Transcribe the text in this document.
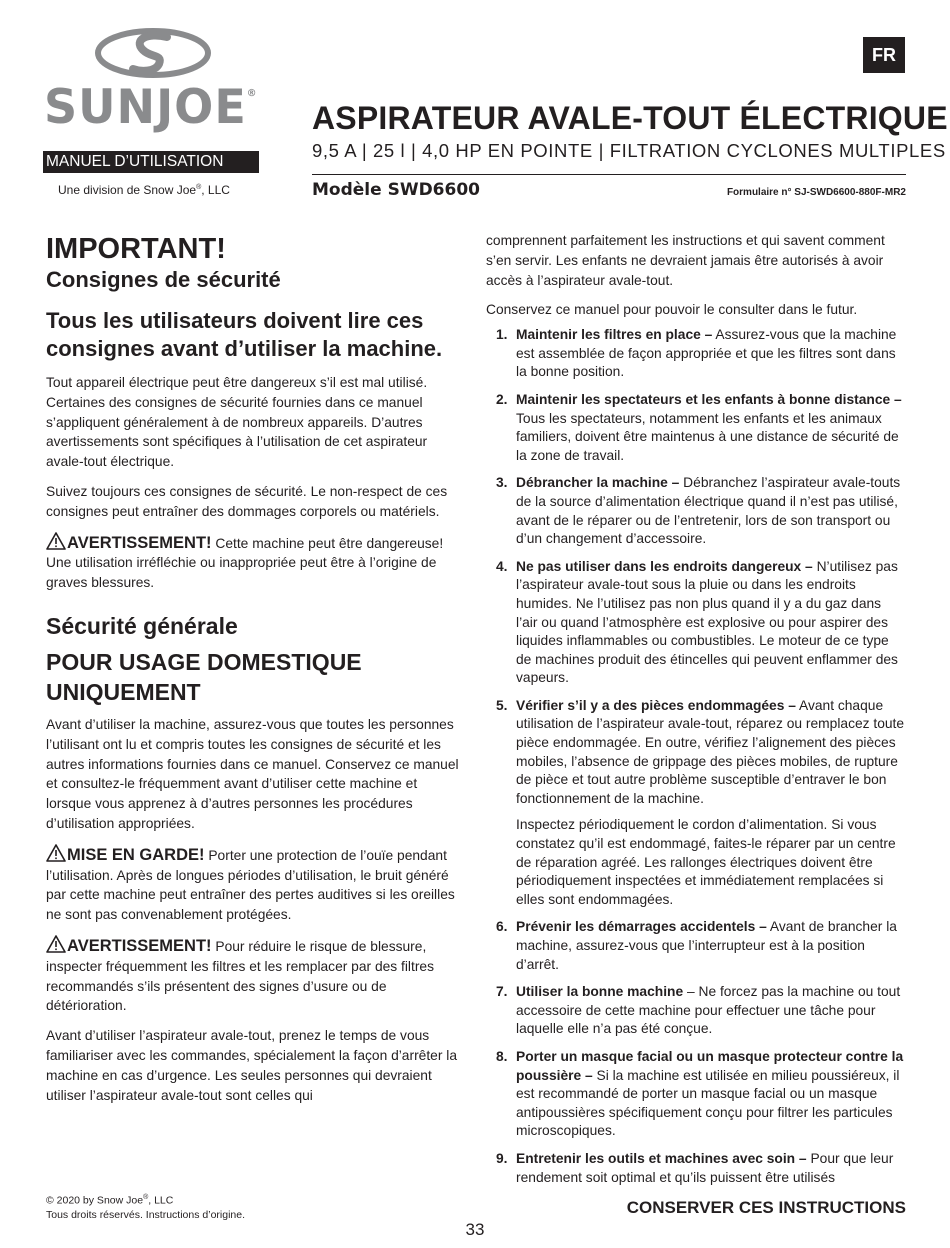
SUNJOE®
MANUEL D’UTILISATION
Une division de Snow Joe®, LLC
FR
ASPIRATEUR AVALE-TOUT ÉLECTRIQUE
9,5 A | 25 l | 4,0 HP EN POINTE | FILTRATION CYCLONES MULTIPLES
Modèle SWD6600	Formulaire n° SJ-SWD6600-880F-MR2
IMPORTANT!
Consignes de sécurité
Tous les utilisateurs doivent lire ces consignes avant d’utiliser la machine.

Tout appareil électrique peut être dangereux s’il est mal utilisé. Certaines des consignes de sécurité fournies dans ce manuel s’appliquent généralement à de nombreux appareils. D’autres avertissements sont spécifiques à l’utilisation de cet aspirateur avale-tout électrique.

Suivez toujours ces consignes de sécurité. Le non-respect de ces consignes peut entraîner des dommages corporels ou matériels.

AVERTISSEMENT! Cette machine peut être dangereuse! Une utilisation irréfléchie ou inappropriée peut être à l’origine de graves blessures.

Sécurité générale
POUR USAGE DOMESTIQUE UNIQUEMENT

Avant d’utiliser la machine, assurez-vous que toutes les personnes l’utilisant ont lu et compris toutes les consignes de sécurité et les autres informations fournies dans ce manuel. Conservez ce manuel et consultez-le fréquemment avant d’utiliser cette machine et lorsque vous apprenez à d’autres personnes les procédures d’utilisation appropriées.

MISE EN GARDE! Porter une protection de l’ouïe pendant l’utilisation. Après de longues périodes d’utilisation, le bruit généré par cette machine peut entraîner des pertes auditives si les oreilles ne sont pas convenablement protégées.

AVERTISSEMENT! Pour réduire le risque de blessure, inspecter fréquemment les filtres et les remplacer par des filtres recommandés s’ils présentent des signes d’usure ou de détérioration.

Avant d’utiliser l’aspirateur avale-tout, prenez le temps de vous familiariser avec les commandes, spécialement la façon d’arrêter la machine en cas d’urgence. Les seules personnes qui devraient utiliser l’aspirateur avale-tout sont celles qui

comprennent parfaitement les instructions et qui savent comment s’en servir. Les enfants ne devraient jamais être autorisés à avoir accès à l’aspirateur avale-tout.

Conservez ce manuel pour pouvoir le consulter dans le futur.

1. Maintenir les filtres en place – Assurez-vous que la machine est assemblée de façon appropriée et que les filtres sont dans la bonne position.
2. Maintenir les spectateurs et les enfants à bonne distance – Tous les spectateurs, notamment les enfants et les animaux familiers, doivent être maintenus à une distance de sécurité de la zone de travail.
3. Débrancher la machine – Débranchez l’aspirateur avale-touts de la source d’alimentation électrique quand il n’est pas utilisé, avant de le réparer ou de l’entretenir, lors de son transport ou d’un changement d’accessoire.
4. Ne pas utiliser dans les endroits dangereux – N’utilisez pas l’aspirateur avale-tout sous la pluie ou dans les endroits humides. Ne l’utilisez pas non plus quand il y a du gaz dans l’air ou quand l’atmosphère est explosive ou pour aspirer des liquides inflammables ou combustibles. Le moteur de ce type de machines produit des étincelles qui peuvent enflammer des vapeurs.
5. Vérifier s’il y a des pièces endommagées – Avant chaque utilisation de l’aspirateur avale-tout, réparez ou remplacez toute pièce endommagée. En outre, vérifiez l’alignement des pièces mobiles, l’absence de grippage des pièces mobiles, de rupture de pièce et tout autre problème susceptible d’entraver le bon fonctionnement de la machine.

Inspectez périodiquement le cordon d’alimentation. Si vous constatez qu’il est endommagé, faites-le réparer par un centre de réparation agréé. Les rallonges électriques doivent être périodiquement inspectées et immédiatement remplacées si elles sont endommagées.

6. Prévenir les démarrages accidentels – Avant de brancher la machine, assurez-vous que l’interrupteur est à la position d’arrêt.
7. Utiliser la bonne machine – Ne forcez pas la machine ou tout accessoire de cette machine pour effectuer une tâche pour laquelle elle n’a pas été conçue.
8. Porter un masque facial ou un masque protecteur contre la poussière – Si la machine est utilisée en milieu poussiéreux, il est recommandé de porter un masque facial ou un masque antipoussières spécifiquement conçu pour filtrer les particules microscopiques.
9. Entretenir les outils et machines avec soin – Pour que leur rendement soit optimal et qu’ils puissent être utilisés
© 2020 by Snow Joe®, LLC
Tous droits réservés. Instructions d’origine.	CONSERVER CES INSTRUCTIONS
33
